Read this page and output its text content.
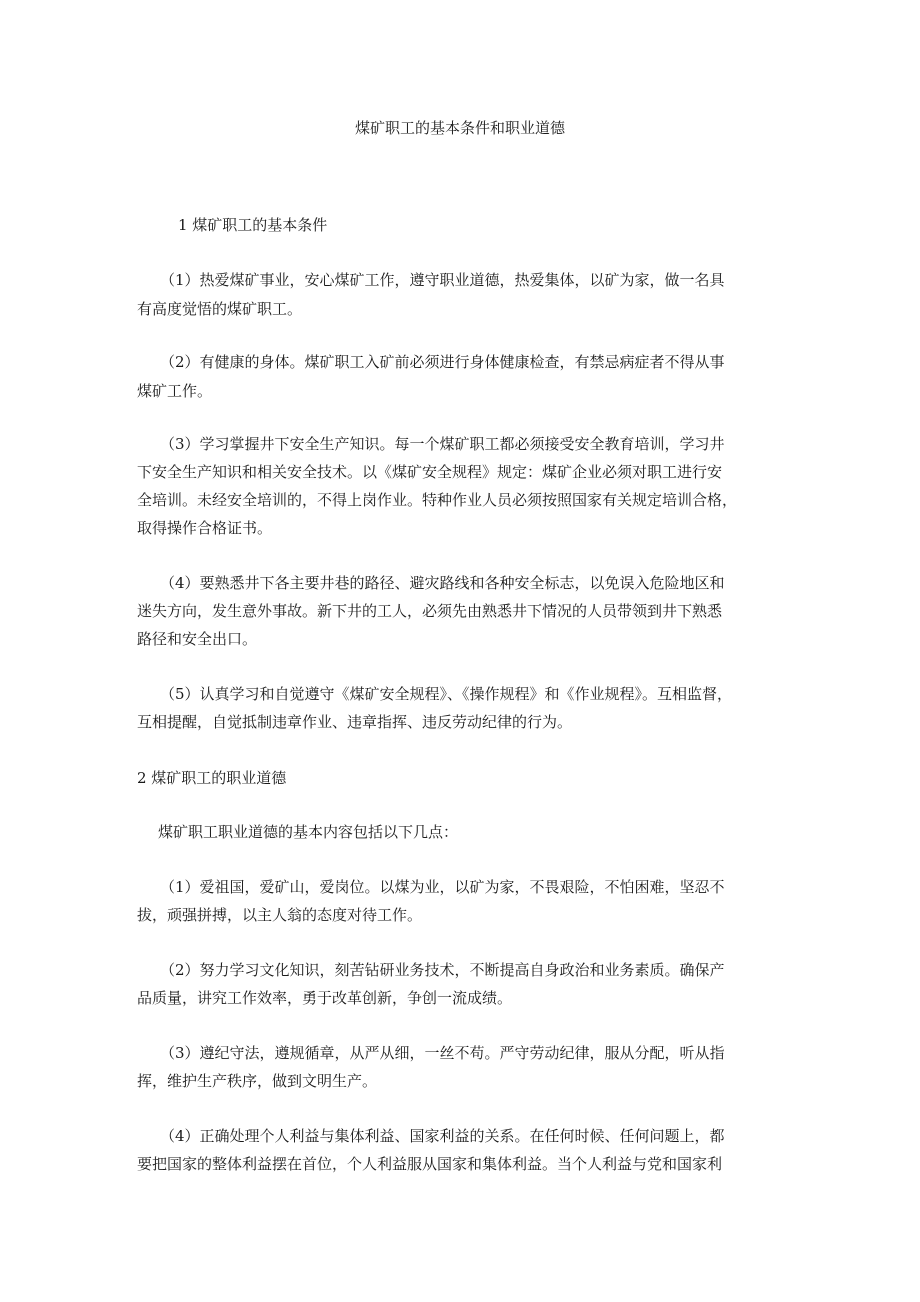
煤矿职工的基本条件和职业道德
1 煤矿职工的基本条件
（1）热爱煤矿事业，安心煤矿工作，遵守职业道德，热爱集体，以矿为家，做一名具
有高度觉悟的煤矿职工。
（2）有健康的身体。煤矿职工入矿前必须进行身体健康检查，有禁忌病症者不得从事
煤矿工作。
（3）学习掌握井下安全生产知识。每一个煤矿职工都必须接受安全教育培训，学习井
下安全生产知识和相关安全技术。以《煤矿安全规程》规定：煤矿企业必须对职工进行安
全培训。未经安全培训的，不得上岗作业。特种作业人员必须按照国家有关规定培训合格，
取得操作合格证书。
（4）要熟悉井下各主要井巷的路径、避灾路线和各种安全标志，以免误入危险地区和
迷失方向，发生意外事故。新下井的工人，必须先由熟悉井下情况的人员带领到井下熟悉
路径和安全出口。
（5）认真学习和自觉遵守《煤矿安全规程》、《操作规程》和《作业规程》。互相监督，
互相提醒，自觉抵制违章作业、违章指挥、违反劳动纪律的行为。
2 煤矿职工的职业道德
煤矿职工职业道德的基本内容包括以下几点：
（1）爱祖国，爱矿山，爱岗位。以煤为业，以矿为家，不畏艰险，不怕困难，坚忍不
拔，顽强拼搏，以主人翁的态度对待工作。
（2）努力学习文化知识，刻苦钻研业务技术，不断提高自身政治和业务素质。确保产
品质量，讲究工作效率，勇于改革创新，争创一流成绩。
（3）遵纪守法，遵规循章，从严从细，一丝不苟。严守劳动纪律，服从分配，听从指
挥，维护生产秩序，做到文明生产。
（4）正确处理个人利益与集体利益、国家利益的关系。在任何时候、任何问题上，都
要把国家的整体利益摆在首位，个人利益服从国家和集体利益。当个人利益与党和国家利
